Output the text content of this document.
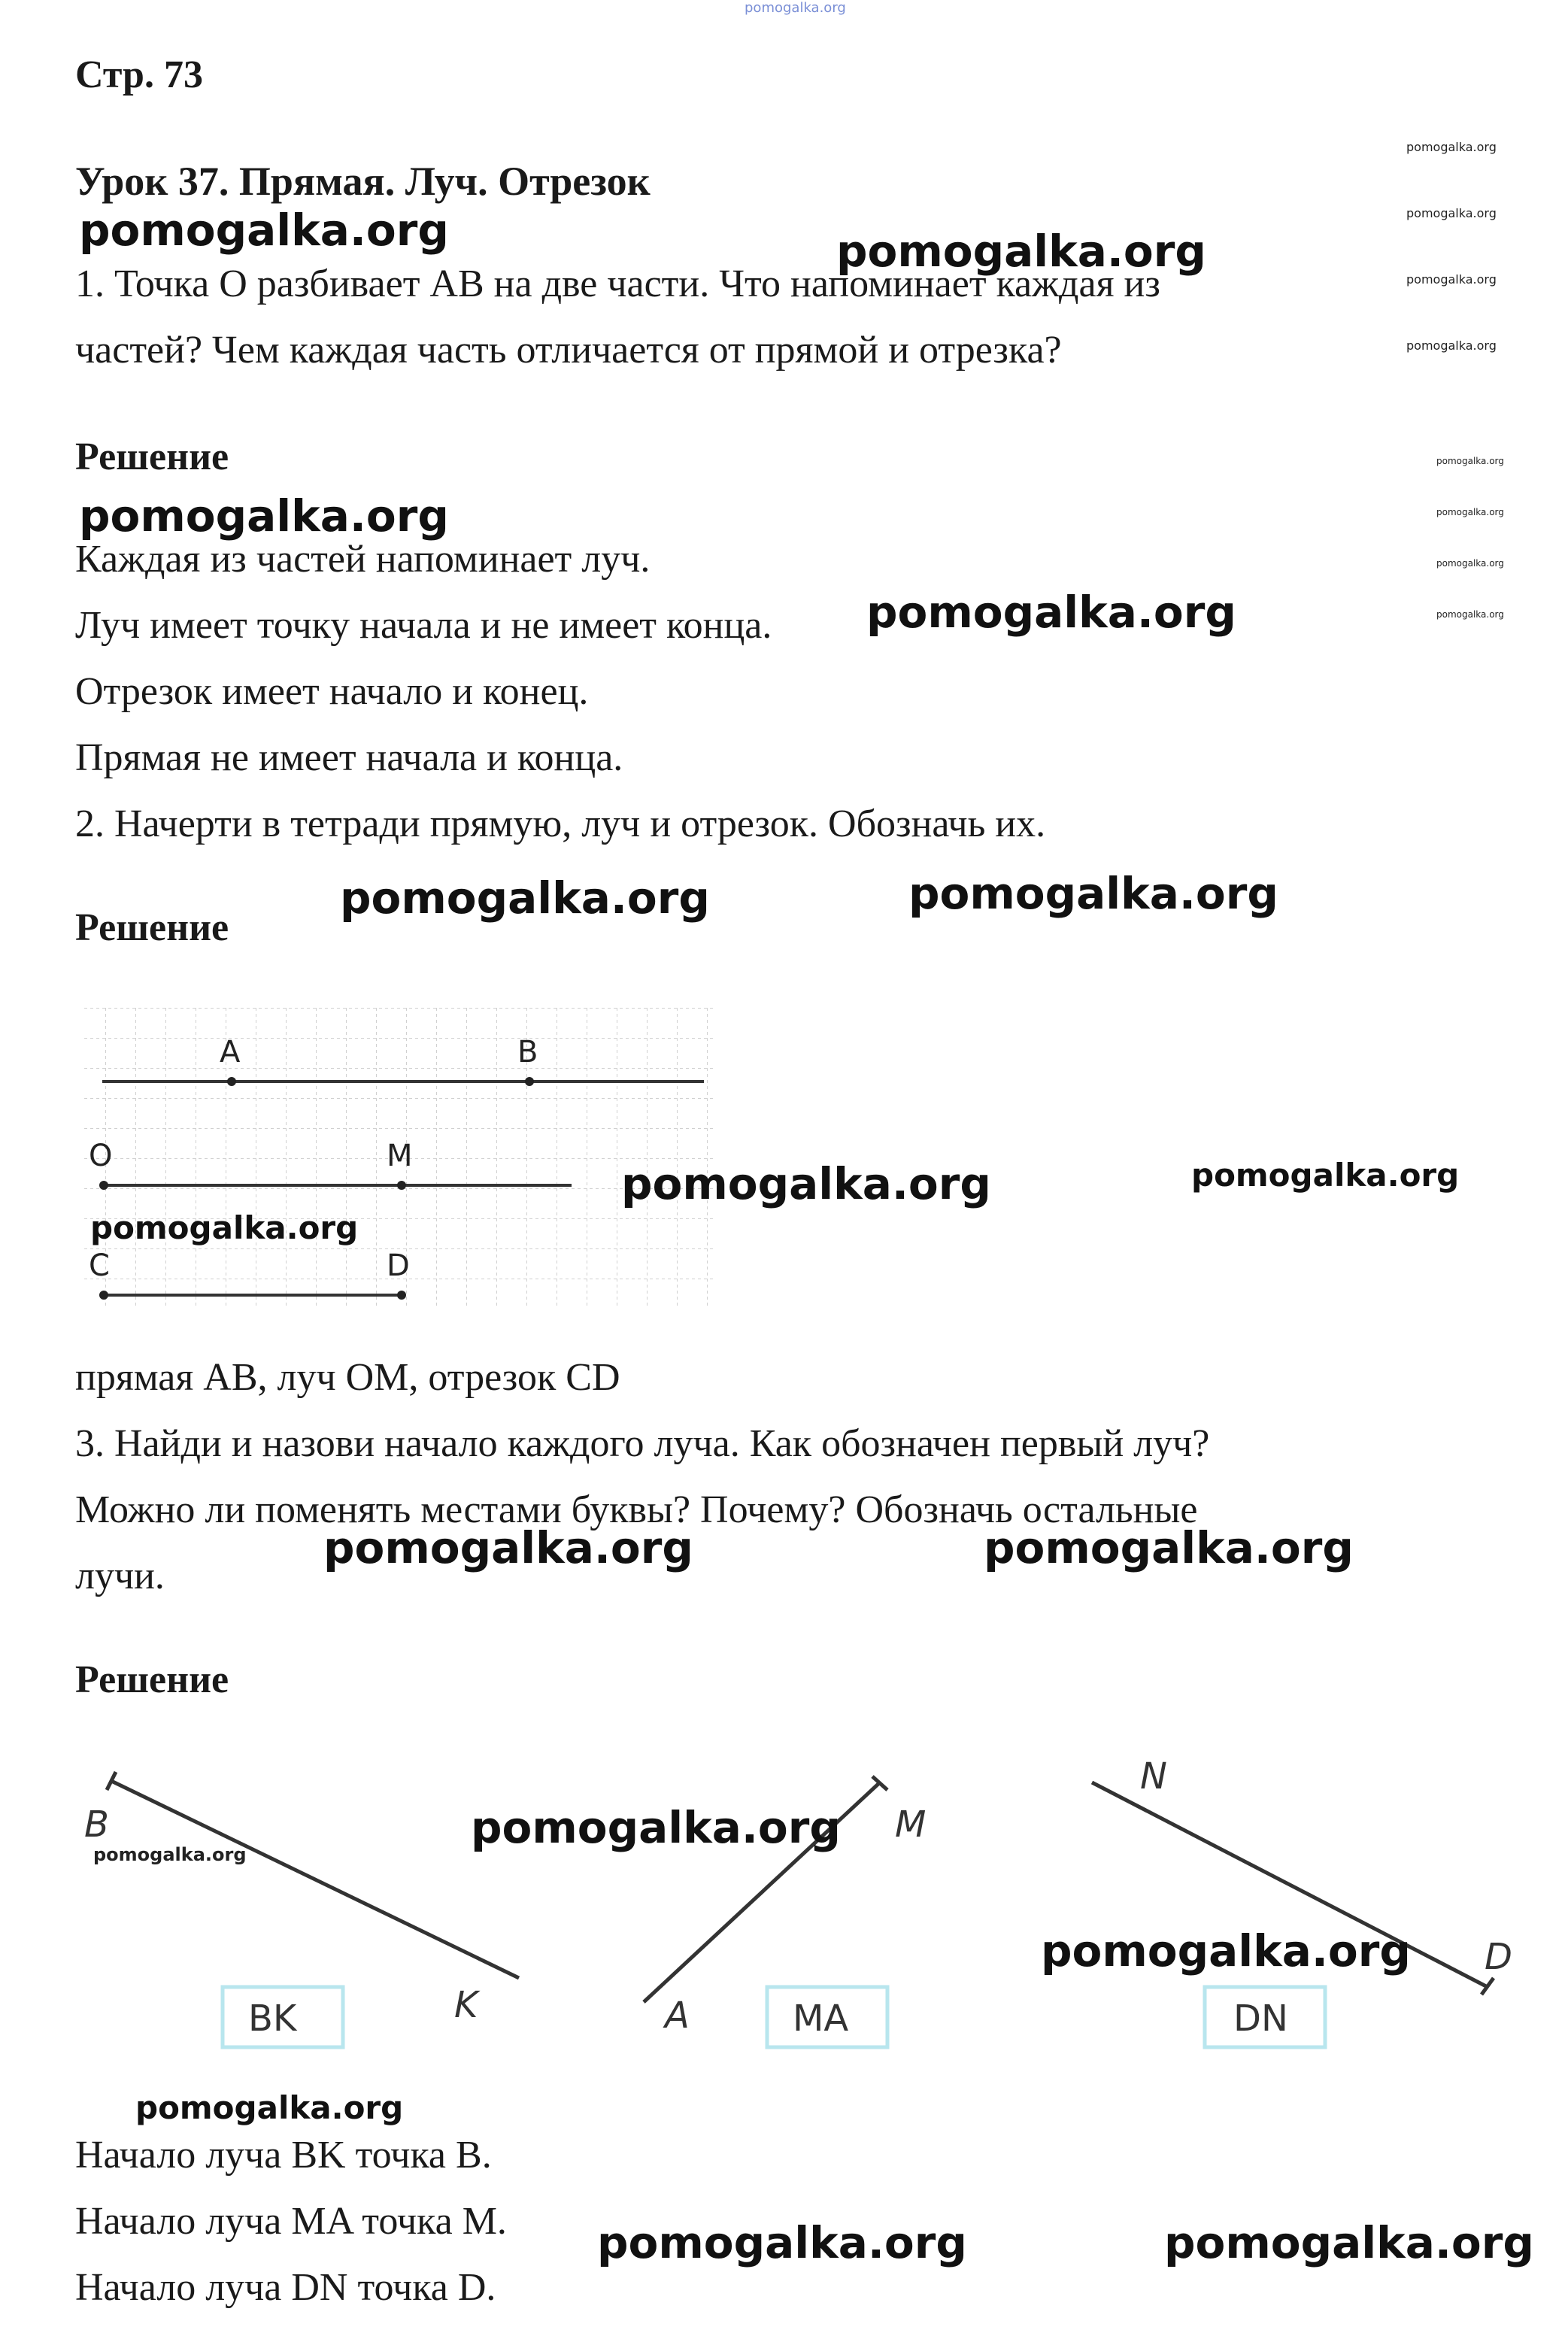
pomogalka.org
Стр. 73
Урок 37. Прямая. Луч. Отрезок
pomogalka.org
pomogalka.org
pomogalka.org
pomogalka.org
pomogalka.org
pomogalka.org
pomogalka.org
pomogalka.org
pomogalka.org	pomogalka.org
1. Точка O разбивает AB на две части. Что напоминает каждая из
частей? Чем каждая часть отличается от прямой и отрезка?
Решение
pomogalka.org
Каждая из частей напоминает луч.
Луч имеет точку начала и не имеет конца. pomogalka.org
Отрезок имеет начало и конец.
Прямая не имеет начала и конца.
2. Начерти в тетради прямую, луч и отрезок. Обозначь их.
Решение
pomogalka.org	pomogalka.org
A	B
O	M
C	D
pomogalka.org
pomogalka.org	pomogalka.org
прямая AB, луч OM, отрезок CD
3. Найди и назови начало каждого луча. Как обозначен первый луч?
Можно ли поменять местами буквы? Почему? Обозначь остальные
pomogalka.org	pomogalka.org
лучи.
Решение
B
K
BK
M
A	MA
N
D
DN
pomogalka.org
pomogalka.org
pomogalka.org
pomogalka.org
Начало луча BK точка B.
Начало луча MA точка M. pomogalka.org	pomogalka.org
Начало луча DN точка D.
